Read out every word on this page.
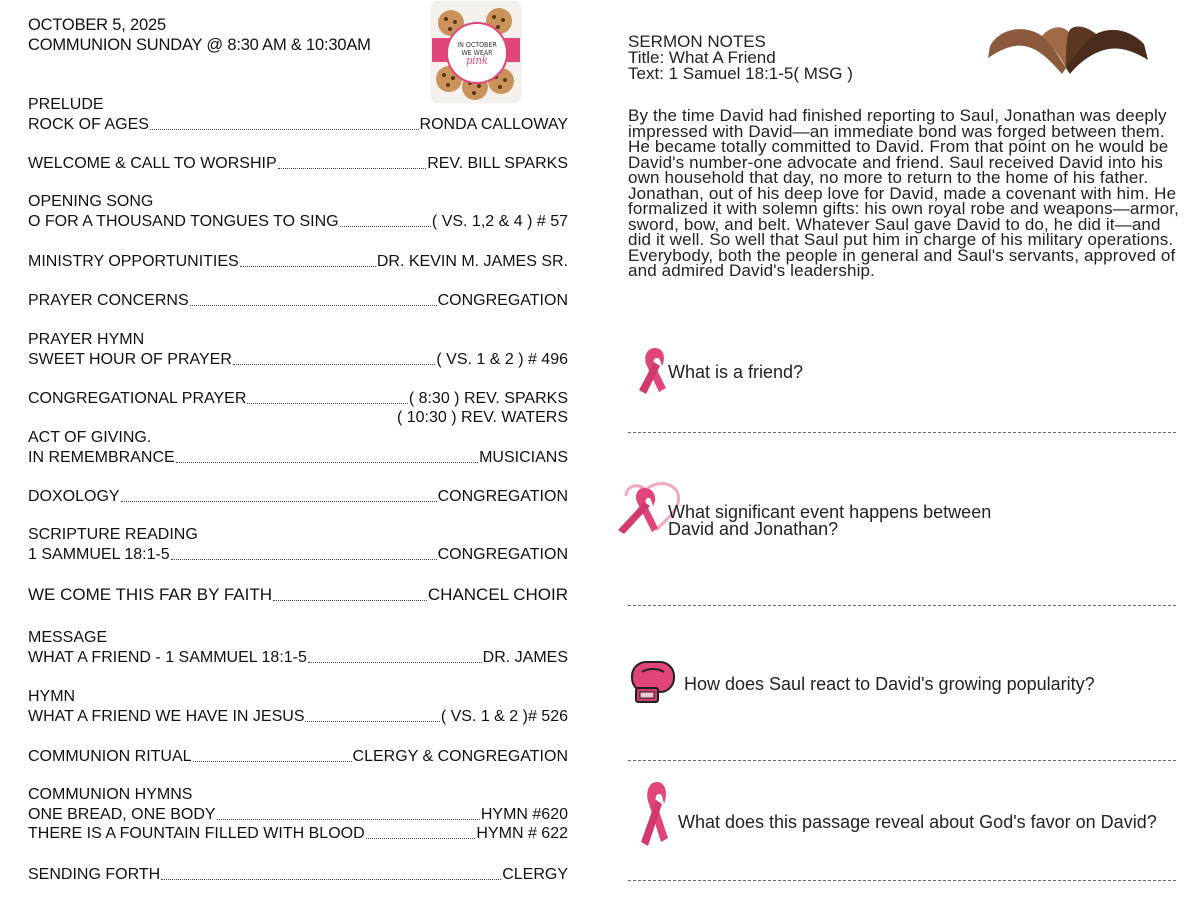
OCTOBER 5, 2025
COMMUNION SUNDAY @ 8:30 AM & 10:30AM	IN OCTOBER
WE WEAR
pink
PRELUDE
ROCK OF AGES	RONDA CALLOWAY
WELCOME & CALL TO WORSHIP	REV. BILL SPARKS
OPENING SONG
O FOR A THOUSAND TONGUES TO SING	( VS. 1,2 & 4 ) # 57
MINISTRY OPPORTUNITIES	DR. KEVIN M. JAMES SR.
PRAYER CONCERNS	CONGREGATION
PRAYER HYMN
SWEET HOUR OF PRAYER	( VS. 1 & 2 ) # 496
CONGREGATIONAL PRAYER	( 8:30 ) REV. SPARKS
( 10:30 ) REV. WATERS
ACT OF GIVING.
IN REMEMBRANCE	MUSICIANS
DOXOLOGY	CONGREGATION
SCRIPTURE READING
1 SAMMUEL 18:1-5	CONGREGATION
WE COME THIS FAR BY FAITH	CHANCEL CHOIR
MESSAGE
WHAT A FRIEND - 1 SAMMUEL 18:1-5	DR. JAMES
HYMN
WHAT A FRIEND WE HAVE IN JESUS	( VS. 1 & 2 )# 526
COMMUNION RITUAL	CLERGY & CONGREGATION
COMMUNION HYMNS
ONE BREAD, ONE BODY	HYMN #620
THERE IS A FOUNTAIN FILLED WITH BLOOD	HYMN # 622
SENDING FORTH	CLERGY
SERMON NOTES
Title: What A Friend
Text: 1 Samuel 18:1-5( MSG )
By the time David had finished reporting to Saul, Jonathan was deeply impressed with David—an immediate bond was forged between them. He became totally committed to David. From that point on he would be David's number-one advocate and friend. Saul received David into his own household that day, no more to return to the home of his father. Jonathan, out of his deep love for David, made a covenant with him. He formalized it with solemn gifts: his own royal robe and weapons—armor, sword, bow, and belt. Whatever Saul gave David to do, he did it—and did it well. So well that Saul put him in charge of his military operations. Everybody, both the people in general and Saul's servants, approved of and admired David's leadership.
What is a friend?
What significant event happens between
David and Jonathan?
How does Saul react to David's growing popularity?
What does this passage reveal about God's favor on David?
